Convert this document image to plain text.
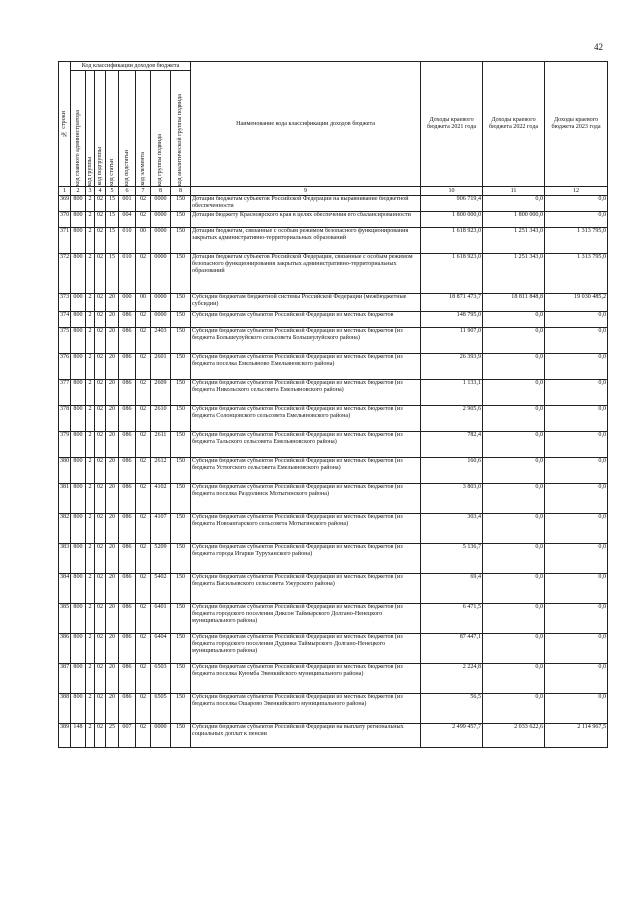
42
№ строки	Код классификации доходов бюджета								Наименование кода классификации доходов бюджета	Доходы краевого бюджета 2021 года	Доходы краевого бюджета 2022 года	Доходы краевого бюджета 2023 года

	код главного администратора	код группы	код подгруппы	код статьи	код подстатьи	код элемента	код группы подвида	код аналитической группы подвида				

1	2	3	4	5	6	7	8	8	9	10	11	12
369	800	2	02	15	001	02	0000	150	Дотации бюджетам субъектов Российской Федерации на выравнивание бюджетной обеспеченности	906 719,4	0,0	0,0
370	800	2	02	15	004	02	0000	150	Дотация бюджету Красноярского края в целях обеспечения его сбалансированности	1 800 000,0	1 800 000,0	0,0
371	800	2	02	15	010	00	0000	150	Дотации бюджетам, связанные с особым режимом безопасного функционирования закрытых административно-территориальных образований	1 618 923,0	1 251 343,0	1 313 795,0
372	800	2	02	15	010	02	0000	150	Дотации бюджетам субъектов Российской Федерации, связанные с особым режимом безопасного функционирования закрытых административно-территориальных образований	1 618 923,0	1 251 343,0	1 313 795,0
373	000	2	02	20	000	00	0000	150	Субсидии бюджетам бюджетной системы Российской Федерации (межбюджетные субсидии)	18 871 473,7	18 811 848,8	19 030 485,2
374	800	2	02	20	086	02	0000	150	Субсидии бюджетам субъектов Российской Федерации из местных бюджетов	148 795,0	0,0	0,0
375	800	2	02	20	086	02	2403	150	Субсидии бюджетам субъектов Российской Федерации из местных бюджетов (из бюджета Большеулуйского сельсовета Большеулуйского района)	11 907,0	0,0	0,0
376	800	2	02	20	086	02	2601	150	Субсидии бюджетам субъектов Российской Федерации из местных бюджетов (из бюджета поселка Емельяново Емельяновского района)	26 393,9	0,0	0,0
377	800	2	02	20	086	02	2609	150	Субсидии бюджетам субъектов Российской Федерации из местных бюджетов (из бюджета Никольского сельсовета Емельяновского района)	1 133,1	0,0	0,0
378	800	2	02	20	086	02	2610	150	Субсидии бюджетам субъектов Российской Федерации из местных бюджетов (из бюджета Солонцовского сельсовета Емельяновского района)	2 905,6	0,0	0,0
379	800	2	02	20	086	02	2611	150	Субсидии бюджетам субъектов Российской Федерации из местных бюджетов (из бюджета Тальского сельсовета Емельяновского района)	782,4	0,0	0,0
380	800	2	02	20	086	02	2612	150	Субсидии бюджетам субъектов Российской Федерации из местных бюджетов (из бюджета Устюгского сельсовета Емельяновского района)	160,6	0,0	0,0
381	800	2	02	20	086	02	4102	150	Субсидии бюджетам субъектов Российской Федерации из местных бюджетов (из бюджета поселка Раздолинск Мотыгинского района)	3 803,0	0,0	0,0
382	800	2	02	20	086	02	4107	150	Субсидии бюджетам субъектов Российской Федерации из местных бюджетов (из бюджета Новоангарского сельсовета Мотыгинского района)	303,4	0,0	0,0
383	800	2	02	20	086	02	5209	150	Субсидии бюджетам субъектов Российской Федерации из местных бюджетов (из бюджета города Игарки Туруханского района)	5 136,7	0,0	0,0
384	800	2	02	20	086	02	5402	150	Субсидии бюджетам субъектов Российской Федерации из местных бюджетов (из бюджета Васильевского сельсовета Ужурского района)	69,4	0,0	0,0
385	800	2	02	20	086	02	6401	150	Субсидии бюджетам субъектов Российской Федерации из местных бюджетов (из бюджета городского поселения Диксон Таймырского Долгано-Ненецкого муниципального района)	6 471,5	0,0	0,0
386	800	2	02	20	086	02	6404	150	Субсидии бюджетам субъектов Российской Федерации из местных бюджетов (из бюджета городского поселения Дудинка Таймырского Долгано-Ненецкого муниципального района)	87 447,1	0,0	0,0
387	800	2	02	20	086	02	6503	150	Субсидии бюджетам субъектов Российской Федерации из местных бюджетов (из бюджета поселка Куюмба Эвенкийского муниципального района)	2 224,8	0,0	0,0
388	800	2	02	20	086	02	6505	150	Субсидии бюджетам субъектов Российской Федерации из местных бюджетов (из бюджета поселка Ошарово Эвенкийского муниципального района)	56,5	0,0	0,0
389	148	2	02	25	007	02	0000	150	Субсидии бюджетам субъектов Российской Федерации на выплату региональных социальных доплат к пенсии	2 499 457,7	2 033 622,6	2 114 967,5
